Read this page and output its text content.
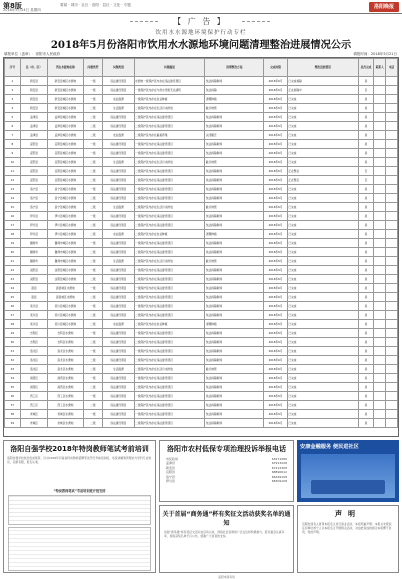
第8版
2018年5月24日 星期四
要闻 · 城市 · 社区 · 洛阳 · 县区 · 文化 · 专题	洛阳晚报
【 广 告 】
饮用水水源地环境保护行动专栏
2018年5月份洛阳市饮用水水源地环境问题清理整治进展情况公示
填报单位（盖章）：洛阳市人民政府	填报时间：2018年5月21日
序号	县（市、区）	所在水源地名称	问题类型	问题类别	问题描述	清理整治方案	完成时限	整治进展情况	是否完成	联系人	电话
1	新安县	新安县城区水源地	一级	违法建设项目	水源地一级保护区内存在违法建设项目	依法拆除取缔	2018年6月	已完成拆除	是		
2	新安县	新安县城区水源地	一级	违法建设项目	一级保护区内存在与供水设施无关建筑	依法拆除	2018年6月	正在拆除中	否		
3	新安县	新安县城区水源地	一级	农业面源	一级保护区内存在农业种植	清理种植	2018年6月	已完成	是		
4	新安县	新安县城区水源地	二级	生活面源	二级保护区内存在生活污水排放	截污纳管	2018年6月	已完成	是		
5	孟津县	孟津县城区水源地	二级	违法建设项目	二级保护区内存在违法建设项目	依法拆除取缔	2018年6月	已完成	是		
6	孟津县	孟津县城区水源地	二级	违法建设项目	二级保护区内存在违法建设项目	依法拆除取缔	2018年6月	已完成	是		
7	孟津县	孟津县城区水源地	二级	农业面源	二级保护区内存在畜禽养殖	关闭搬迁	2018年6月	已完成	是		
8	宜阳县	宜阳县城区水源地	一级	违法建设项目	一级保护区内存在违法建设项目	依法拆除取缔	2018年6月	已完成	是		
9	宜阳县	宜阳县城区水源地	一级	违法建设项目	一级保护区内存在违法建设项目	依法拆除取缔	2018年6月	已完成	是		
10	宜阳县	宜阳县城区水源地	二级	生活面源	二级保护区内存在生活污水排放	截污纳管	2018年6月	已完成	是		
11	宜阳县	宜阳县城区水源地	二级	违法建设项目	二级保护区内存在违法建设项目	依法拆除取缔	2018年6月	正在整治	否		
12	宜阳县	宜阳县城区水源地	二级	违法建设项目	二级保护区内存在违法建设项目	依法拆除取缔	2018年6月	正在整治	否		
13	洛宁县	洛宁县城区水源地	一级	违法建设项目	一级保护区内存在违法建设项目	依法拆除取缔	2018年6月	已完成	是		
14	洛宁县	洛宁县城区水源地	二级	违法建设项目	二级保护区内存在违法建设项目	依法拆除取缔	2018年6月	已完成	是		
15	洛宁县	洛宁县城区水源地	二级	生活面源	二级保护区内存在生活污水排放	截污纳管	2018年6月	已完成	是		
16	伊川县	伊川县城区水源地	一级	违法建设项目	一级保护区内存在违法建设项目	依法拆除取缔	2018年6月	已完成	是		
17	伊川县	伊川县城区水源地	二级	违法建设项目	二级保护区内存在违法建设项目	依法拆除取缔	2018年6月	已完成	是		
18	伊川县	伊川县城区水源地	二级	农业面源	二级保护区内存在农业种植	清理种植	2018年6月	已完成	是		
19	偃师市	偃师市城区水源地	一级	违法建设项目	一级保护区内存在违法建设项目	依法拆除取缔	2018年6月	已完成	是		
20	偃师市	偃师市城区水源地	二级	违法建设项目	二级保护区内存在违法建设项目	依法拆除取缔	2018年6月	已完成	是		
21	偃师市	偃师市城区水源地	二级	生活面源	二级保护区内存在生活污水排放	截污纳管	2018年6月	已完成	是		
22	汝阳县	汝阳县城区水源地	一级	违法建设项目	一级保护区内存在违法建设项目	依法拆除取缔	2018年6月	已完成	是		
23	汝阳县	汝阳县城区水源地	二级	违法建设项目	二级保护区内存在违法建设项目	依法拆除取缔	2018年6月	已完成	是		
24	嵩县	嵩县城区水源地	一级	违法建设项目	一级保护区内存在违法建设项目	依法拆除取缔	2018年6月	已完成	是		
25	嵩县	嵩县城区水源地	二级	违法建设项目	二级保护区内存在违法建设项目	依法拆除取缔	2018年6月	已完成	是		
26	栾川县	栾川县城区水源地	一级	违法建设项目	一级保护区内存在违法建设项目	依法拆除取缔	2018年6月	已完成	是		
27	栾川县	栾川县城区水源地	二级	违法建设项目	二级保护区内存在违法建设项目	依法拆除取缔	2018年6月	已完成	是		
28	栾川县	栾川县城区水源地	二级	农业面源	二级保护区内存在农业种植	清理种植	2018年6月	已完成	是		
29	吉利区	吉利区水源地	一级	违法建设项目	一级保护区内存在违法建设项目	依法拆除取缔	2018年6月	已完成	是		
30	吉利区	吉利区水源地	二级	违法建设项目	二级保护区内存在违法建设项目	依法拆除取缔	2018年6月	已完成	是		
31	洛龙区	洛龙区水源地	一级	违法建设项目	一级保护区内存在违法建设项目	依法拆除取缔	2018年6月	已完成	是		
32	洛龙区	洛龙区水源地	二级	违法建设项目	二级保护区内存在违法建设项目	依法拆除取缔	2018年6月	已完成	是		
33	洛龙区	洛龙区水源地	二级	生活面源	二级保护区内存在生活污水排放	截污纳管	2018年6月	已完成	是		
34	涧西区	涧西区水源地	一级	违法建设项目	一级保护区内存在违法建设项目	依法拆除取缔	2018年6月	已完成	是		
35	涧西区	涧西区水源地	二级	违法建设项目	二级保护区内存在违法建设项目	依法拆除取缔	2018年6月	已完成	是		
36	西工区	西工区水源地	一级	违法建设项目	一级保护区内存在违法建设项目	依法拆除取缔	2018年6月	已完成	是		
37	西工区	西工区水源地	二级	违法建设项目	二级保护区内存在违法建设项目	依法拆除取缔	2018年6月	已完成	是		
38	老城区	老城区水源地	一级	违法建设项目	一级保护区内存在违法建设项目	依法拆除取缔	2018年6月	已完成	是		
39	老城区	老城区水源地	二级	违法建设项目	二级保护区内存在违法建设项目	依法拆除取缔	2018年6月	已完成	是		
洛阳自强学校2018年特岗教师笔试考前培训
洛阳自强学校依托优质师资，针对2018年河南省特岗教师招聘笔试开设考前培训班，系统讲解教育理论与学科专业知识，名额有限，报名从速。
“特岗教师笔试”考前培训班开班安排
洛阳市农村低保专项治理投诉举报电话
市民政局	63271080
孟津县	67913228
新安县	67212308
宜阳县	68890612
洛宁县	66269108
伊川县	68309108
关于首届“商务通”杯有奖征文活动获奖名单的通知
首届“商务通”杯有奖征文活动自启动以来，得到社会各界的广泛关注和积极参与，经评委会认真评审，现将获奖名单予以公布，感谢广大读者的支持。
洛阳市商务局
安康金融服务 便民进社区
声明
近期发现有人冒用本报名义进行商业活动，本报郑重声明：本报从未授权任何单位或个人以本报名义开展相关活动，对由此造成的损失本报概不负责，特此声明。
